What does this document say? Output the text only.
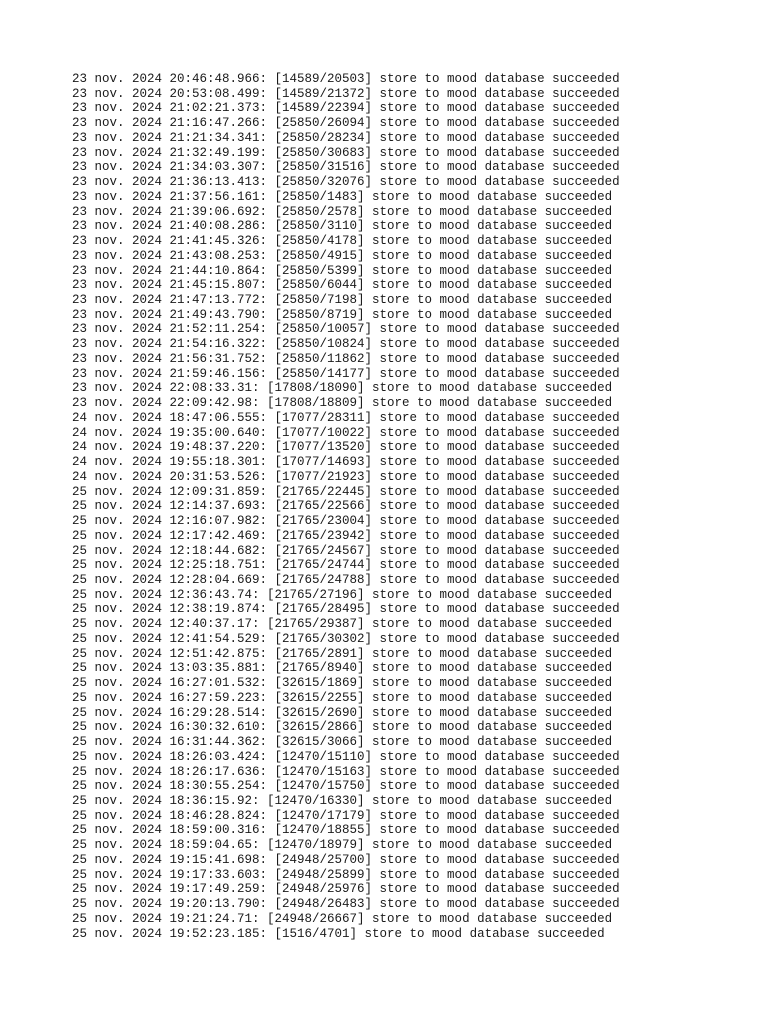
23 nov. 2024 20:46:48.966: [14589/20503] store to mood database succeeded
23 nov. 2024 20:53:08.499: [14589/21372] store to mood database succeeded
23 nov. 2024 21:02:21.373: [14589/22394] store to mood database succeeded
23 nov. 2024 21:16:47.266: [25850/26094] store to mood database succeeded
23 nov. 2024 21:21:34.341: [25850/28234] store to mood database succeeded
23 nov. 2024 21:32:49.199: [25850/30683] store to mood database succeeded
23 nov. 2024 21:34:03.307: [25850/31516] store to mood database succeeded
23 nov. 2024 21:36:13.413: [25850/32076] store to mood database succeeded
23 nov. 2024 21:37:56.161: [25850/1483] store to mood database succeeded
23 nov. 2024 21:39:06.692: [25850/2578] store to mood database succeeded
23 nov. 2024 21:40:08.286: [25850/3110] store to mood database succeeded
23 nov. 2024 21:41:45.326: [25850/4178] store to mood database succeeded
23 nov. 2024 21:43:08.253: [25850/4915] store to mood database succeeded
23 nov. 2024 21:44:10.864: [25850/5399] store to mood database succeeded
23 nov. 2024 21:45:15.807: [25850/6044] store to mood database succeeded
23 nov. 2024 21:47:13.772: [25850/7198] store to mood database succeeded
23 nov. 2024 21:49:43.790: [25850/8719] store to mood database succeeded
23 nov. 2024 21:52:11.254: [25850/10057] store to mood database succeeded
23 nov. 2024 21:54:16.322: [25850/10824] store to mood database succeeded
23 nov. 2024 21:56:31.752: [25850/11862] store to mood database succeeded
23 nov. 2024 21:59:46.156: [25850/14177] store to mood database succeeded
23 nov. 2024 22:08:33.31: [17808/18090] store to mood database succeeded
23 nov. 2024 22:09:42.98: [17808/18809] store to mood database succeeded
24 nov. 2024 18:47:06.555: [17077/28311] store to mood database succeeded
24 nov. 2024 19:35:00.640: [17077/10022] store to mood database succeeded
24 nov. 2024 19:48:37.220: [17077/13520] store to mood database succeeded
24 nov. 2024 19:55:18.301: [17077/14693] store to mood database succeeded
24 nov. 2024 20:31:53.526: [17077/21923] store to mood database succeeded
25 nov. 2024 12:09:31.859: [21765/22445] store to mood database succeeded
25 nov. 2024 12:14:37.693: [21765/22566] store to mood database succeeded
25 nov. 2024 12:16:07.982: [21765/23004] store to mood database succeeded
25 nov. 2024 12:17:42.469: [21765/23942] store to mood database succeeded
25 nov. 2024 12:18:44.682: [21765/24567] store to mood database succeeded
25 nov. 2024 12:25:18.751: [21765/24744] store to mood database succeeded
25 nov. 2024 12:28:04.669: [21765/24788] store to mood database succeeded
25 nov. 2024 12:36:43.74: [21765/27196] store to mood database succeeded
25 nov. 2024 12:38:19.874: [21765/28495] store to mood database succeeded
25 nov. 2024 12:40:37.17: [21765/29387] store to mood database succeeded
25 nov. 2024 12:41:54.529: [21765/30302] store to mood database succeeded
25 nov. 2024 12:51:42.875: [21765/2891] store to mood database succeeded
25 nov. 2024 13:03:35.881: [21765/8940] store to mood database succeeded
25 nov. 2024 16:27:01.532: [32615/1869] store to mood database succeeded
25 nov. 2024 16:27:59.223: [32615/2255] store to mood database succeeded
25 nov. 2024 16:29:28.514: [32615/2690] store to mood database succeeded
25 nov. 2024 16:30:32.610: [32615/2866] store to mood database succeeded
25 nov. 2024 16:31:44.362: [32615/3066] store to mood database succeeded
25 nov. 2024 18:26:03.424: [12470/15110] store to mood database succeeded
25 nov. 2024 18:26:17.636: [12470/15163] store to mood database succeeded
25 nov. 2024 18:30:55.254: [12470/15750] store to mood database succeeded
25 nov. 2024 18:36:15.92: [12470/16330] store to mood database succeeded
25 nov. 2024 18:46:28.824: [12470/17179] store to mood database succeeded
25 nov. 2024 18:59:00.316: [12470/18855] store to mood database succeeded
25 nov. 2024 18:59:04.65: [12470/18979] store to mood database succeeded
25 nov. 2024 19:15:41.698: [24948/25700] store to mood database succeeded
25 nov. 2024 19:17:33.603: [24948/25899] store to mood database succeeded
25 nov. 2024 19:17:49.259: [24948/25976] store to mood database succeeded
25 nov. 2024 19:20:13.790: [24948/26483] store to mood database succeeded
25 nov. 2024 19:21:24.71: [24948/26667] store to mood database succeeded
25 nov. 2024 19:52:23.185: [1516/4701] store to mood database succeeded
